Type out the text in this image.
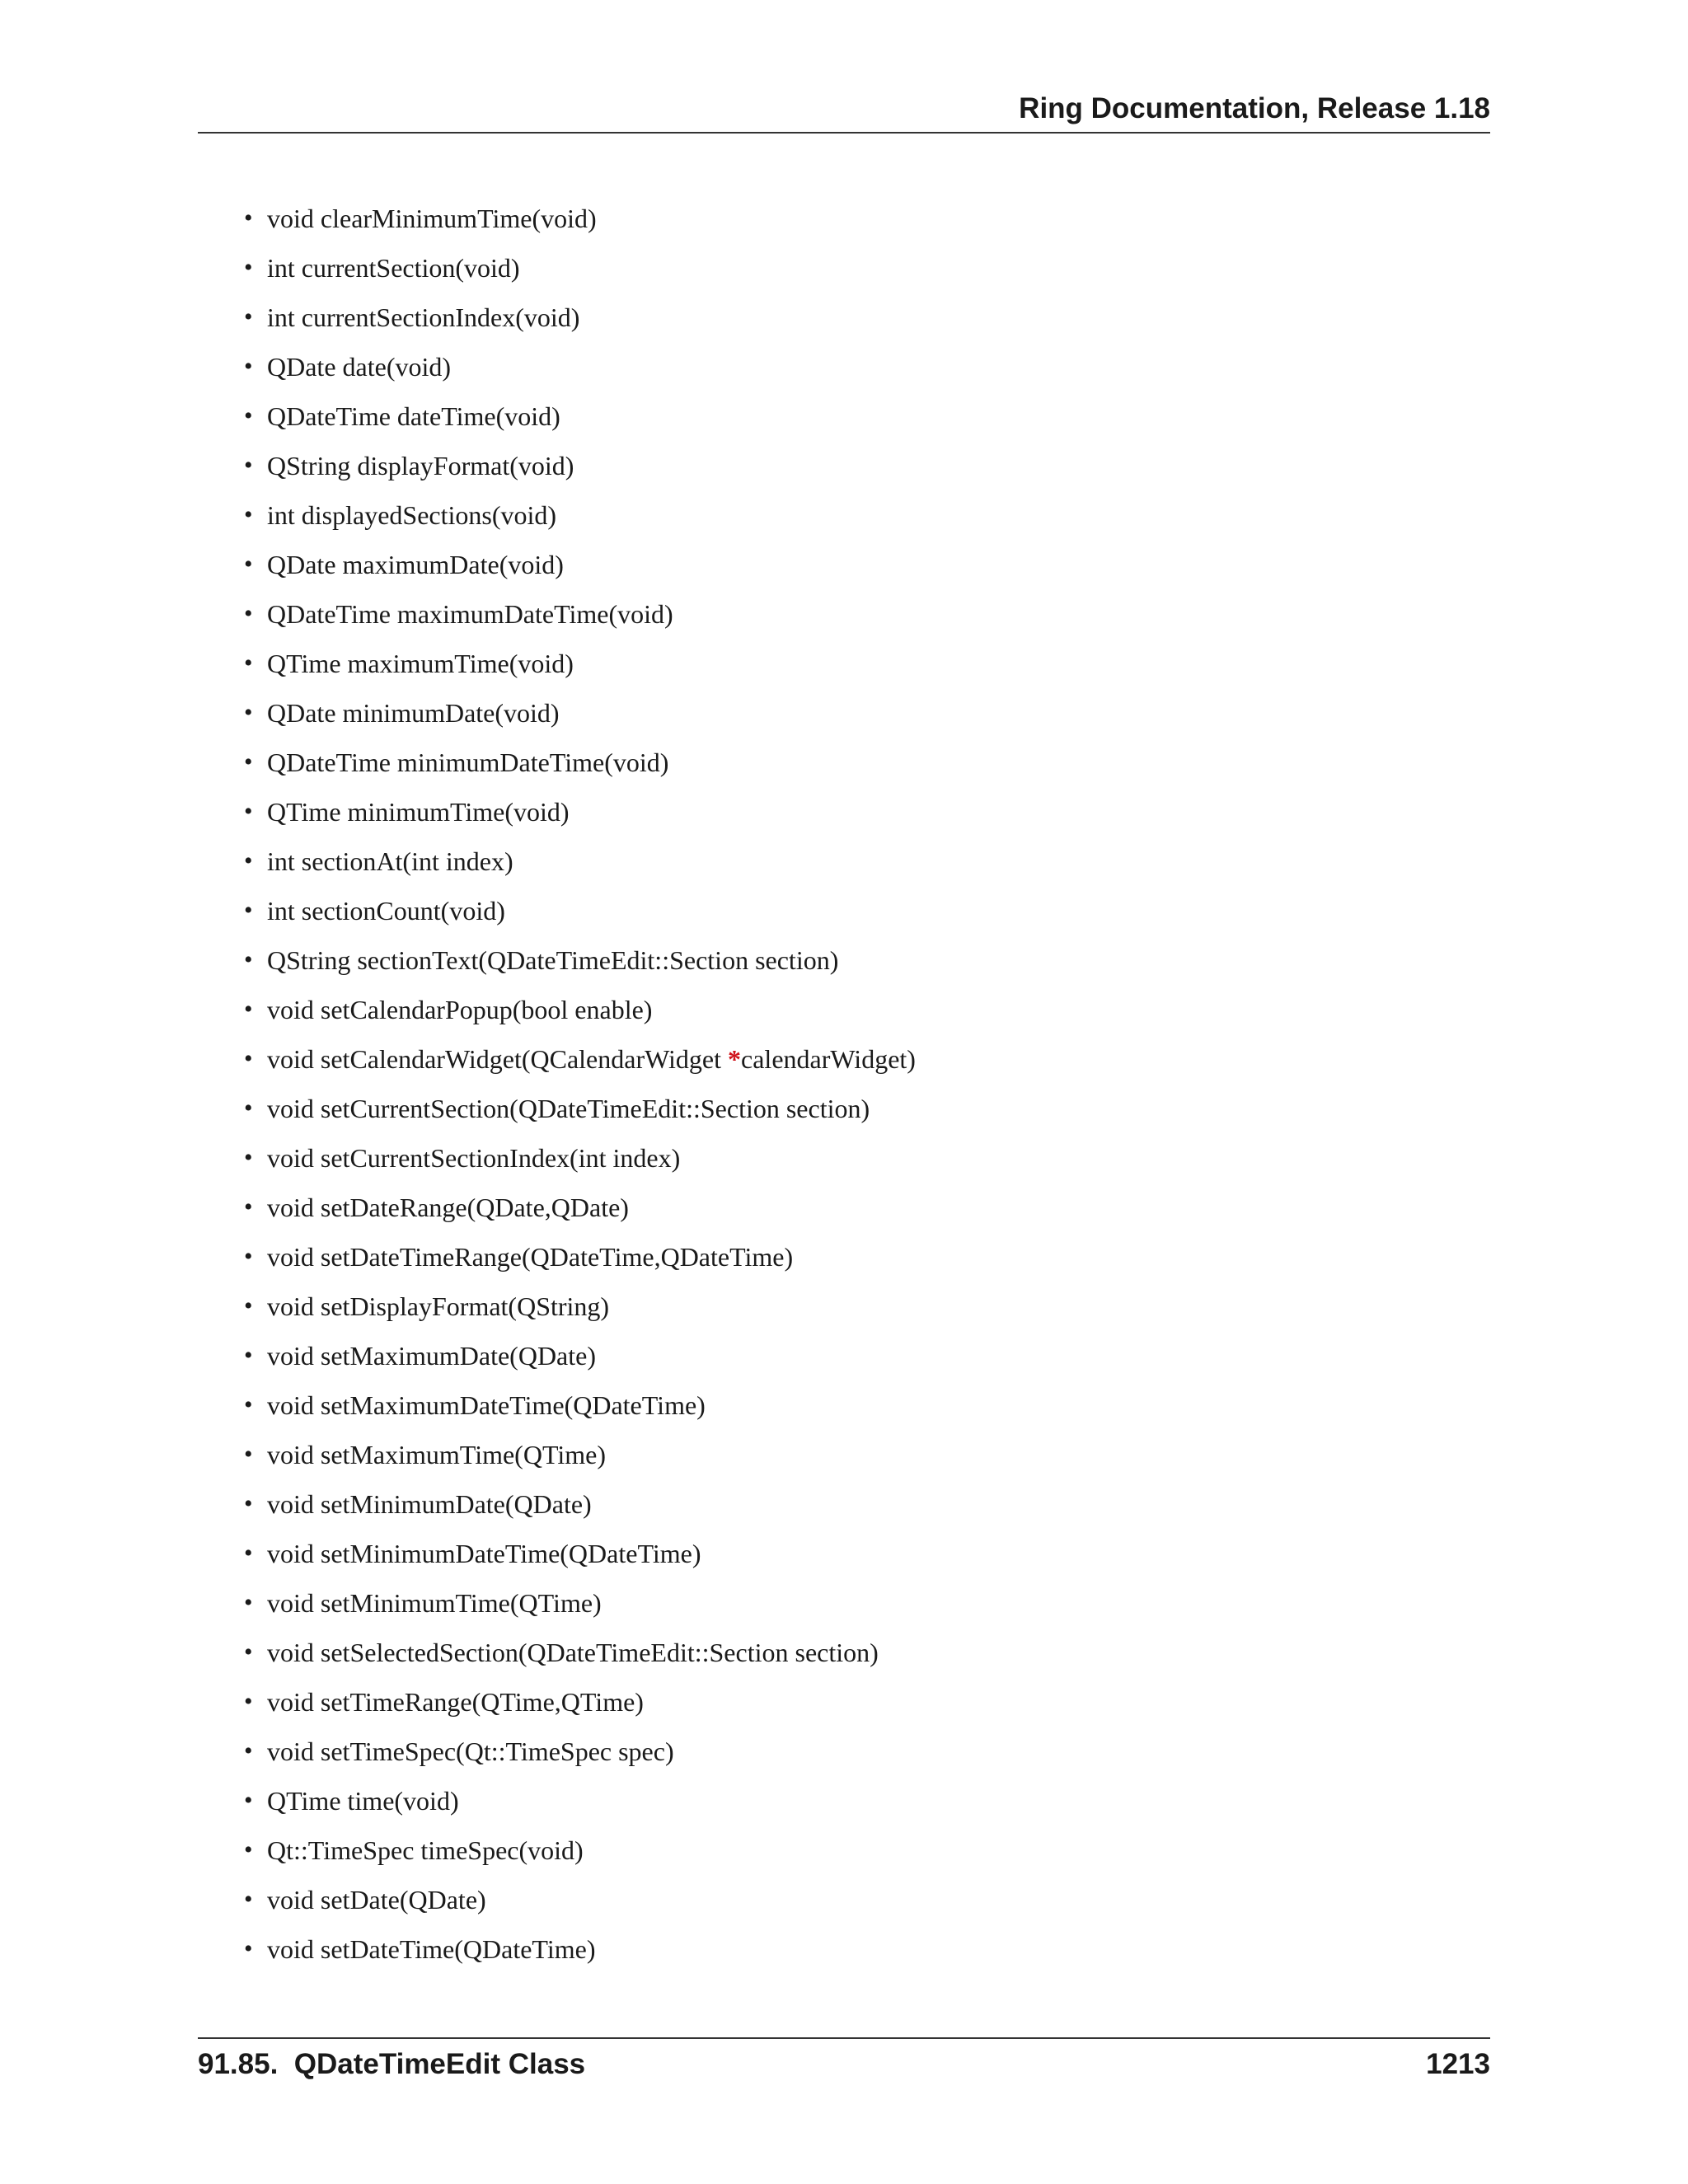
Ring Documentation, Release 1.18
• void clearMinimumTime(void)
• int currentSection(void)
• int currentSectionIndex(void)
• QDate date(void)
• QDateTime dateTime(void)
• QString displayFormat(void)
• int displayedSections(void)
• QDate maximumDate(void)
• QDateTime maximumDateTime(void)
• QTime maximumTime(void)
• QDate minimumDate(void)
• QDateTime minimumDateTime(void)
• QTime minimumTime(void)
• int sectionAt(int index)
• int sectionCount(void)
• QString sectionText(QDateTimeEdit::Section section)
• void setCalendarPopup(bool enable)
• void setCalendarWidget(QCalendarWidget *calendarWidget)
• void setCurrentSection(QDateTimeEdit::Section section)
• void setCurrentSectionIndex(int index)
• void setDateRange(QDate,QDate)
• void setDateTimeRange(QDateTime,QDateTime)
• void setDisplayFormat(QString)
• void setMaximumDate(QDate)
• void setMaximumDateTime(QDateTime)
• void setMaximumTime(QTime)
• void setMinimumDate(QDate)
• void setMinimumDateTime(QDateTime)
• void setMinimumTime(QTime)
• void setSelectedSection(QDateTimeEdit::Section section)
• void setTimeRange(QTime,QTime)
• void setTimeSpec(Qt::TimeSpec spec)
• QTime time(void)
• Qt::TimeSpec timeSpec(void)
• void setDate(QDate)
• void setDateTime(QDateTime)
91.85.  QDateTimeEdit Class	1213
